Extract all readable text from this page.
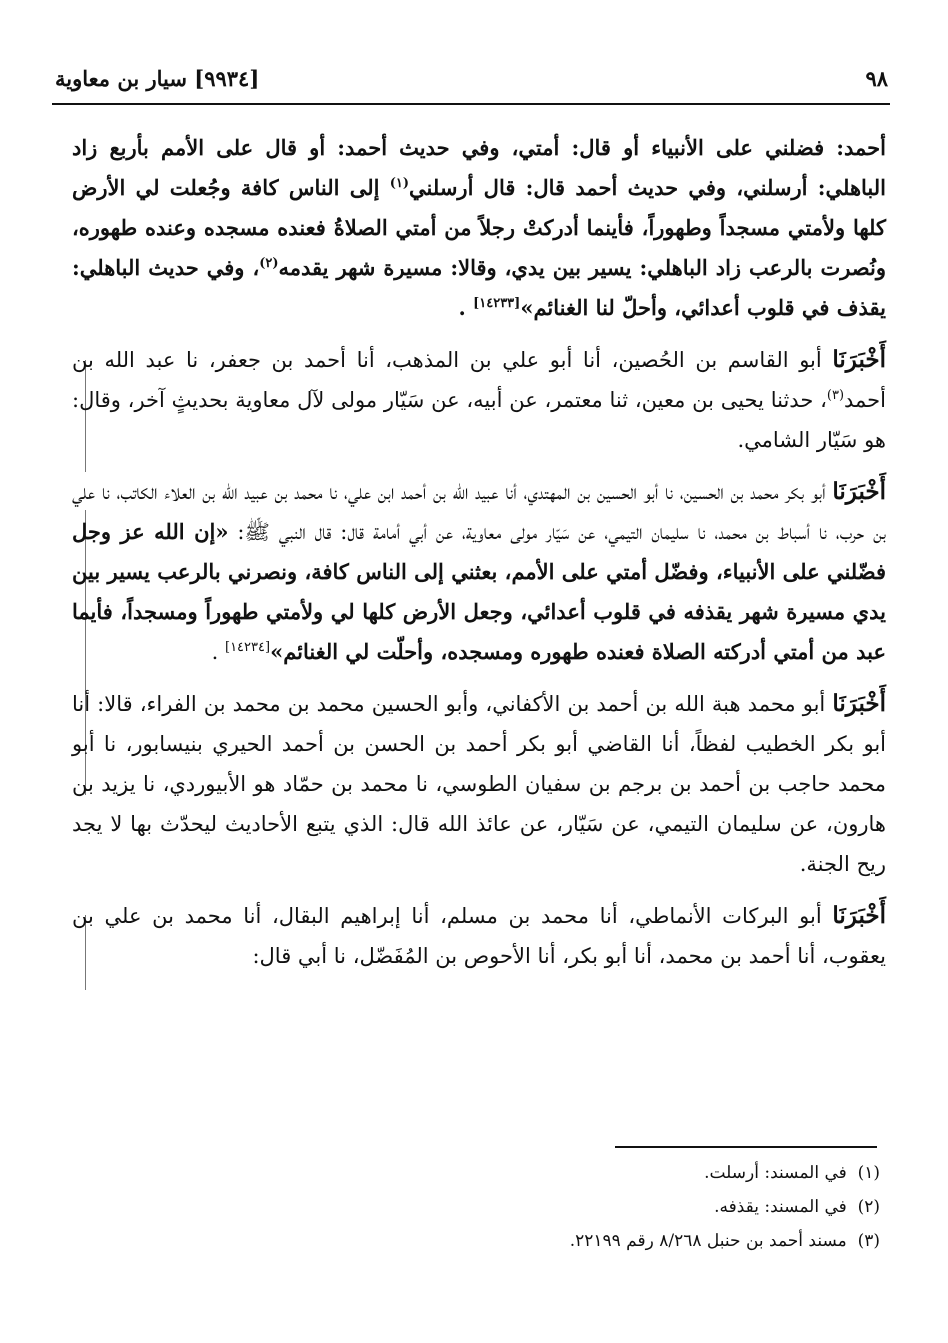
٩٨
[٩٩٣٤] سيار بن معاوية

أحمد: فضلني على الأنبياء أو قال: أمتي، وفي حديث أحمد: أو قال على الأمم بأربع زاد الباهلي: أرسلني، وفي حديث أحمد قال: قال أرسلني$^{(١)}$ إلى الناس كافة وجُعلت لي الأرض كلها ولأمتي مسجداً وطهوراً، فأينما أدركتْ رجلاً من أمتي الصلاةُ فعنده مسجده وعنده طهوره، ونُصرت بالرعب زاد الباهلي: يسير بين يدي، وقالا: مسيرة شهر يقدمه$^{(٢)}$، وفي حديث الباهلي: يقذف في قلوب أعدائي، وأحلّ لنا الغنائم»[١٤٢٣٣] .

أَخْبَرَنَا أبو القاسم بن الحُصين، أنا أبو علي بن المذهب، أنا أحمد بن جعفر، نا عبد الله بن أحمد$^{(٣)}$، حدثنا يحيى بن معين، ثنا معتمر، عن أبيه، عن سَيّار مولى لآل معاوية بحديثٍ آخر، وقال: هو سَيّار الشامي.

أَخْبَرَنَا أبو بكر محمد بن الحسين، نا أبو الحسين بن المهتدي، أنا عبيد الله بن أحمد ابن علي، نا محمد بن عبيد الله بن العلاء الكاتب، نا علي بن حرب، نا أسباط بن محمد، نا سليمان التيمي، عن سَيّار مولى معاوية، عن أبي أمامة قال: قال النبي ﷺ: «إن الله عز وجل فضّلني على الأنبياء، وفضّل أمتي على الأمم، بعثني إلى الناس كافة، ونصرني بالرعب يسير بين يدي مسيرة شهر يقذفه في قلوب أعدائي، وجعل الأرض كلها لي ولأمتي طهوراً ومسجداً، فأيما عبد من أمتي أدركته الصلاة فعنده طهوره ومسجده، وأحلّت لي الغنائم»[١٤٢٣٤] .

أَخْبَرَنَا أبو محمد هبة الله بن أحمد بن الأكفاني، وأبو الحسين محمد بن محمد بن الفراء، قالا: أنا أبو بكر الخطيب لفظاً، أنا القاضي أبو بكر أحمد بن الحسن بن أحمد الحيري بنيسابور، نا أبو محمد حاجب بن أحمد بن برجم بن سفيان الطوسي، نا محمد بن حمّاد هو الأبيوردي، نا يزيد بن هارون، عن سليمان التيمي، عن سَيّار، عن عائذ الله قال: الذي يتبع الأحاديث ليحدّث بها لا يجد ريح الجنة.

أَخْبَرَنَا أبو البركات الأنماطي، أنا محمد بن مسلم، أنا إبراهيم البقال، أنا محمد بن علي بن يعقوب، أنا أحمد بن محمد، أنا أبو بكر، أنا الأحوص بن المُفَضّل، نا أبي قال:

(١)  في المسند: أرسلت.
(٢)  في المسند: يقذفه.
(٣)  مسند أحمد بن حنبل ٨/٢٦٨ رقم ٢٢١٩٩.
